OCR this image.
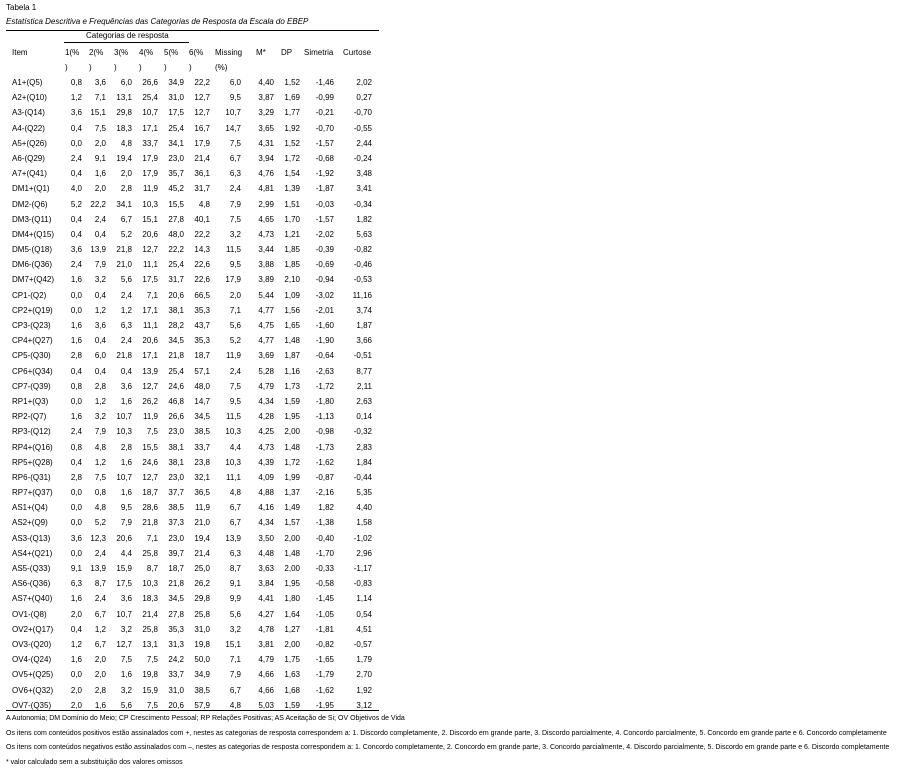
Tabela 1
Estatística Descritiva e Frequências das Categorias de Resposta da Escala do EBEP
Categorias de resposta
Item	1(% 2(% 3(% 4(% 5(% 6(% Missing M* DP Simetria Curtose
)	)	)	)	)	)	(%)
A1+(Q5)	0,8 3,6 6,0 26,6 34,9 22,2 6,0 4,40 1,52 -1,46	2,02
A2+(Q10)	1,2 7,1 13,1 25,4 31,0 12,7 9,5 3,87 1,69 -0,99	0,27
A3-(Q14)	3,6 15,1 29,8 10,7 17,5 12,7 10,7 3,29 1,77 -0,21 -0,70
A4-(Q22)	0,4 7,5 18,3 17,1 25,4 16,7 14,7 3,65 1,92 -0,70 -0,55
A5+(Q26)	0,0 2,0 4,8 33,7 34,1 17,9 7,5 4,31 1,52 -1,57	2,44
A6-(Q29)	2,4 9,1 19,4 17,9 23,0 21,4 6,7 3,94 1,72 -0,68 -0,24
A7+(Q41)	0,4 1,6 2,0 17,9 35,7 36,1 6,3 4,76 1,54 -1,92	3,48
DM1+(Q1)	4,0 2,0 2,8 11,9 45,2 31,7 2,4 4,81 1,39 -1,87	3,41
DM2-(Q6)	5,2 22,2 34,1 10,3 15,5 4,8 7,9 2,99 1,51 -0,03 -0,34
DM3-(Q11) 0,4 2,4 6,7 15,1 27,8 40,1 7,5 4,65 1,70 -1,57	1,82
DM4+(Q15) 0,4 0,4 5,2 20,6 48,0 22,2 3,2 4,73 1,21 -2,02	5,63
DM5-(Q18) 3,6 13,9 21,8 12,7 22,2 14,3 11,5 3,44 1,85 -0,39 -0,82
DM6-(Q36) 2,4 7,9 21,0 11,1 25,4 22,6 9,5 3,88 1,85 -0,69 -0,46
DM7+(Q42) 1,6 3,2 5,6 17,5 31,7 22,6 17,9 3,89 2,10 -0,94 -0,53
CP1-(Q2)	0,0 0,4 2,4 7,1 20,6 66,5 2,0 5,44 1,09 -3,02 11,16
CP2+(Q19) 0,0 1,2 1,2 17,1 38,1 35,3 7,1 4,77 1,56 -2,01	3,74
CP3-(Q23)	1,6 3,6 6,3 11,1 28,2 43,7 5,6 4,75 1,65 -1,60	1,87
CP4+(Q27) 1,6 0,4 2,4 20,6 34,5 35,3 5,2 4,77 1,48 -1,90	3,66
CP5-(Q30)	2,8 6,0 21,8 17,1 21,8 18,7 11,9 3,69 1,87 -0,64 -0,51
CP6+(Q34) 0,4 0,4 0,4 13,9 25,4 57,1 2,4 5,28 1,16 -2,63	8,77
CP7-(Q39)	0,8 2,8 3,6 12,7 24,6 48,0 7,5 4,79 1,73 -1,72	2,11
RP1+(Q3)	0,0 1,2 1,6 26,2 46,8 14,7 9,5 4,34 1,59 -1,80	2,63
RP2-(Q7)	1,6 3,2 10,7 11,9 26,6 34,5 11,5 4,28 1,95 -1,13	0,14
RP3-(Q12)	2,4 7,9 10,3 7,5 23,0 38,5 10,3 4,25 2,00 -0,98 -0,32
RP4+(Q16) 0,8 4,8 2,8 15,5 38,1 33,7 4,4 4,73 1,48 -1,73	2,83
RP5+(Q28) 0,4 1,2 1,6 24,6 38,1 23,8 10,3 4,39 1,72 -1,62	1,84
RP6-(Q31)	2,8 7,5 10,7 12,7 23,0 32,1 11,1 4,09 1,99 -0,87 -0,44
RP7+(Q37) 0,0 0,8 1,6 18,7 37,7 36,5 4,8 4,88 1,37 -2,16	5,35
AS1+(Q4)	0,0 4,8 9,5 28,6 38,5 11,9 6,7 4,16 1,49 1,82	4,40
AS2+(Q9)	0,0 5,2 7,9 21,8 37,3 21,0 6,7 4,34 1,57 -1,38	1,58
AS3-(Q13)	3,6 12,3 20,6 7,1 23,0 19,4 13,9 3,50 2,00 -0,40 -1,02
AS4+(Q21) 0,0 2,4 4,4 25,8 39,7 21,4 6,3 4,48 1,48 -1,70	2,96
AS5-(Q33)	9,1 13,9 15,9 8,7 18,7 25,0 8,7 3,63 2,00 -0,33 -1,17
AS6-(Q36)	6,3 8,7 17,5 10,3 21,8 26,2 9,1 3,84 1,95 -0,58 -0,83
AS7+(Q40) 1,6 2,4 3,6 18,3 34,5 29,8 9,9 4,41 1,80 -1,45	1,14
OV1-(Q8)	2,0 6,7 10,7 21,4 27,8 25,8 5,6 4,27 1,64 -1,05	0,54
OV2+(Q17) 0,4 1,2 3,2 25,8 35,3 31,0 3,2 4,78 1,27 -1,81	4,51
OV3-(Q20) 1,2 6,7 12,7 13,1 31,3 19,8 15,1 3,81 2,00 -0,82 -0,57
OV4-(Q24) 1,6 2,0 7,5 7,5 24,2 50,0 7,1 4,79 1,75 -1,65	1,79
OV5+(Q25) 0,0 2,0 1,6 19,8 33,7 34,9 7,9 4,66 1,63 -1,79	2,70
OV6+(Q32) 2,0 2,8 3,2 15,9 31,0 38,5 6,7 4,66 1,68 -1,62	1,92
OV7-(Q35) 2,0 1,6 5,6 7,5 20,6 57,9 4,8 5,03 1,59 -1,95	3,12
A Autonomia; DM Domínio do Meio; CP Crescimento Pessoal; RP Relações Positivas; AS Aceitação de Si; OV Objetivos de Vida
Os itens com conteúdos positivos estão assinalados com +, nestes as categorias de resposta correspondem a: 1. Discordo completamente, 2. Discordo em grande parte, 3. Discordo parcialmente, 4. Concordo parcialmente, 5. Concordo em grande parte e 6. Concordo completamente
Os itens com conteúdos negativos estão assinalados com –, nestes as categorias de resposta correspondem a: 1. Concordo completamente, 2. Concordo em grande parte, 3. Concordo parcialmente, 4. Discordo parcialmente, 5. Discordo em grande parte e 6. Discordo completamente
* valor calculado sem a substituição dos valores omissos
